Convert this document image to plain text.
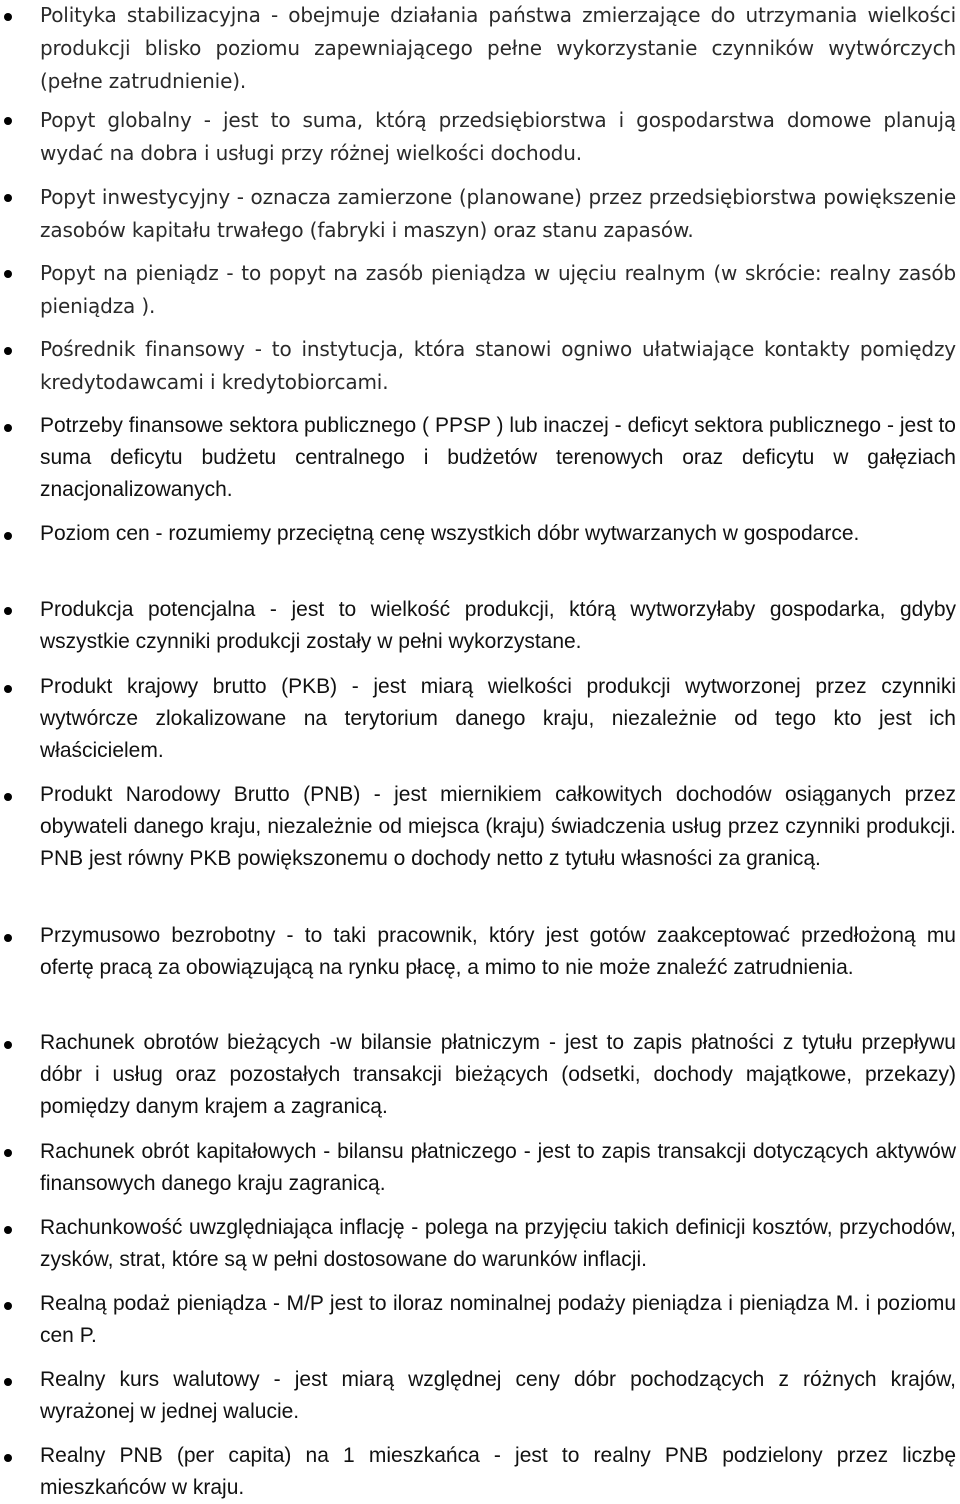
Polityka stabilizacyjna - obejmuje działania państwa zmierzające do utrzymania wielkości produkcji blisko poziomu zapewniającego pełne wykorzystanie czynników wytwórczych (pełne zatrudnienie).

Popyt globalny - jest to suma, którą przedsiębiorstwa i gospodarstwa domowe planują wydać na dobra i usługi przy różnej wielkości dochodu.

Popyt inwestycyjny - oznacza zamierzone (planowane) przez przedsiębiorstwa powiększenie zasobów kapitału trwałego (fabryki i maszyn) oraz stanu zapasów.

Popyt na pieniądz - to popyt na zasób pieniądza w ujęciu realnym (w skrócie: realny zasób pieniądza ).

Pośrednik finansowy - to instytucja, która stanowi ogniwo ułatwiające kontakty pomiędzy kredytodawcami i kredytobiorcami.

Potrzeby finansowe sektora publicznego ( PPSP ) lub inaczej - deficyt sektora publicznego - jest to suma deficytu budżetu centralnego i budżetów terenowych oraz deficytu w gałęziach znacjonalizowanych.

Poziom cen - rozumiemy przeciętną cenę wszystkich dóbr wytwarzanych w gospodarce.

Produkcja potencjalna - jest to wielkość produkcji, którą wytworzyłaby gospodarka, gdyby wszystkie czynniki produkcji zostały w pełni wykorzystane.

Produkt krajowy brutto (PKB) - jest miarą wielkości produkcji wytworzonej przez czynniki wytwórcze zlokalizowane na terytorium danego kraju, niezależnie od tego kto jest ich właścicielem.

Produkt Narodowy Brutto (PNB) - jest miernikiem całkowitych dochodów osiąganych przez obywateli danego kraju, niezależnie od miejsca (kraju) świadczenia usług przez czynniki produkcji. PNB jest równy PKB powiększonemu o dochody netto z tytułu własności za granicą.

Przymusowo bezrobotny - to taki pracownik, który jest gotów zaakceptować przedłożoną mu ofertę pracą za obowiązującą na rynku płacę, a mimo to nie może znaleźć zatrudnienia.

Rachunek obrotów bieżących -w bilansie płatniczym - jest to zapis płatności z tytułu przepływu dóbr i usług oraz pozostałych transakcji bieżących (odsetki, dochody majątkowe, przekazy) pomiędzy danym krajem a zagranicą.

Rachunek obrót kapitałowych - bilansu płatniczego - jest to zapis transakcji dotyczących aktywów finansowych danego kraju zagranicą.

Rachunkowość uwzględniająca inflację - polega na przyjęciu takich definicji kosztów, przychodów, zysków, strat, które są w pełni dostosowane do warunków inflacji.

Realną podaż pieniądza - M/P jest to iloraz nominalnej podaży pieniądza i pieniądza M. i poziomu cen P.

Realny kurs walutowy - jest miarą względnej ceny dóbr pochodzących z różnych krajów, wyrażonej w jednej walucie.

Realny PNB (per capita) na 1 mieszkańca - jest to realny PNB podzielony przez liczbę mieszkańców w kraju.
